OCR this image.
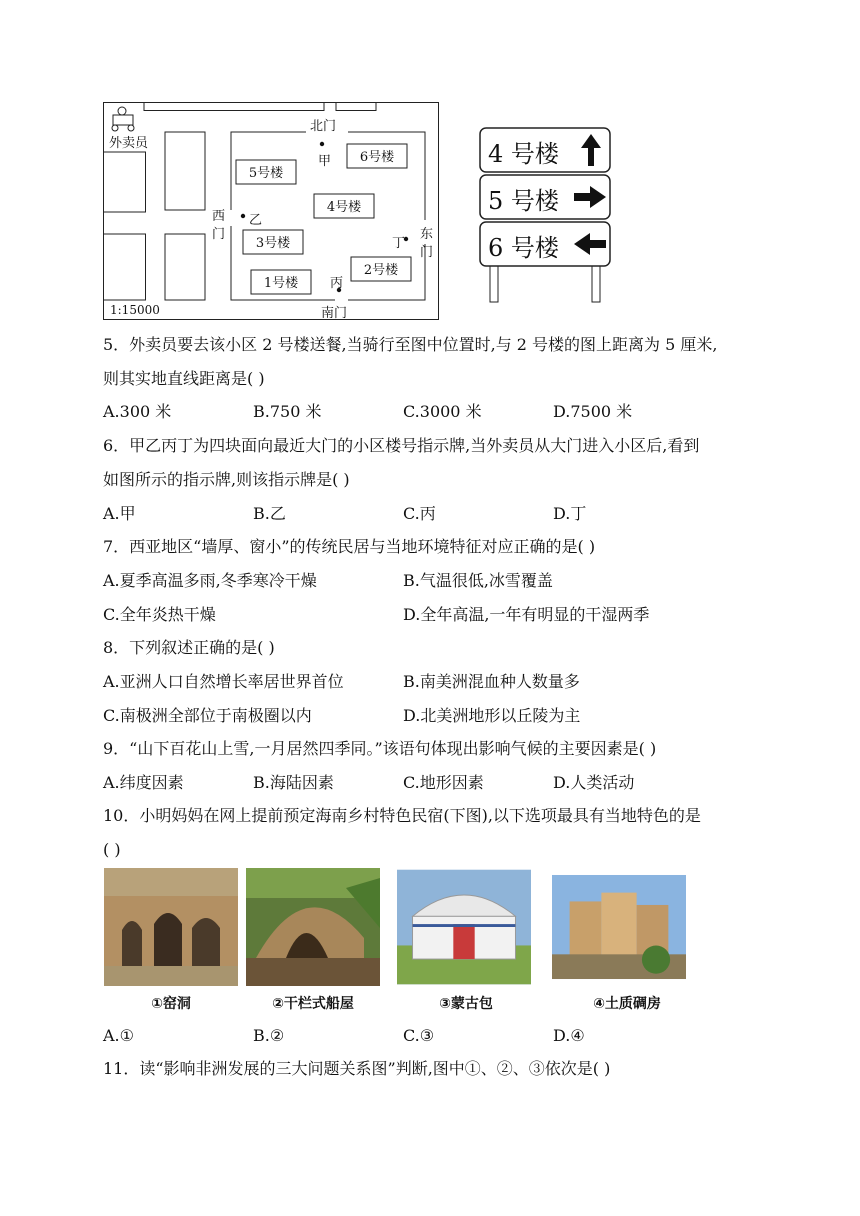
外卖员
北门
甲
西
门
乙
丁
东
门
丙
南门
1:15000
5号楼
6号楼
4号楼
3号楼
2号楼
1号楼
4 号楼
5 号楼
6 号楼
5．外卖员要去该小区 2 号楼送餐,当骑行至图中位置时,与 2 号楼的图上距离为 5 厘米,
则其实地直线距离是( )
A.300 米	B.750 米	C.3000 米	D.7500 米
6．甲乙丙丁为四块面向最近大门的小区楼号指示牌,当外卖员从大门进入小区后,看到
如图所示的指示牌,则该指示牌是( )
A.甲	B.乙	C.丙	D.丁
7．西亚地区“墙厚、窗小”的传统民居与当地环境特征对应正确的是( )
A.夏季高温多雨,冬季寒冷干燥	B.气温很低,冰雪覆盖
C.全年炎热干燥	D.全年高温,一年有明显的干湿两季
8．下列叙述正确的是( )
A.亚洲人口自然增长率居世界首位	B.南美洲混血种人数量多
C.南极洲全部位于南极圈以内	D.北美洲地形以丘陵为主
9．“山下百花山上雪,一月居然四季同。”该语句体现出影响气候的主要因素是( )
A.纬度因素	B.海陆因素	C.地形因素	D.人类活动
10．小明妈妈在网上提前预定海南乡村特色民宿(下图),以下选项最具有当地特色的是
( )
①窑洞	②干栏式船屋	③蒙古包	④土质碉房
A.①	B.②	C.③	D.④
11．读“影响非洲发展的三大问题关系图”判断,图中①、②、③依次是( )
